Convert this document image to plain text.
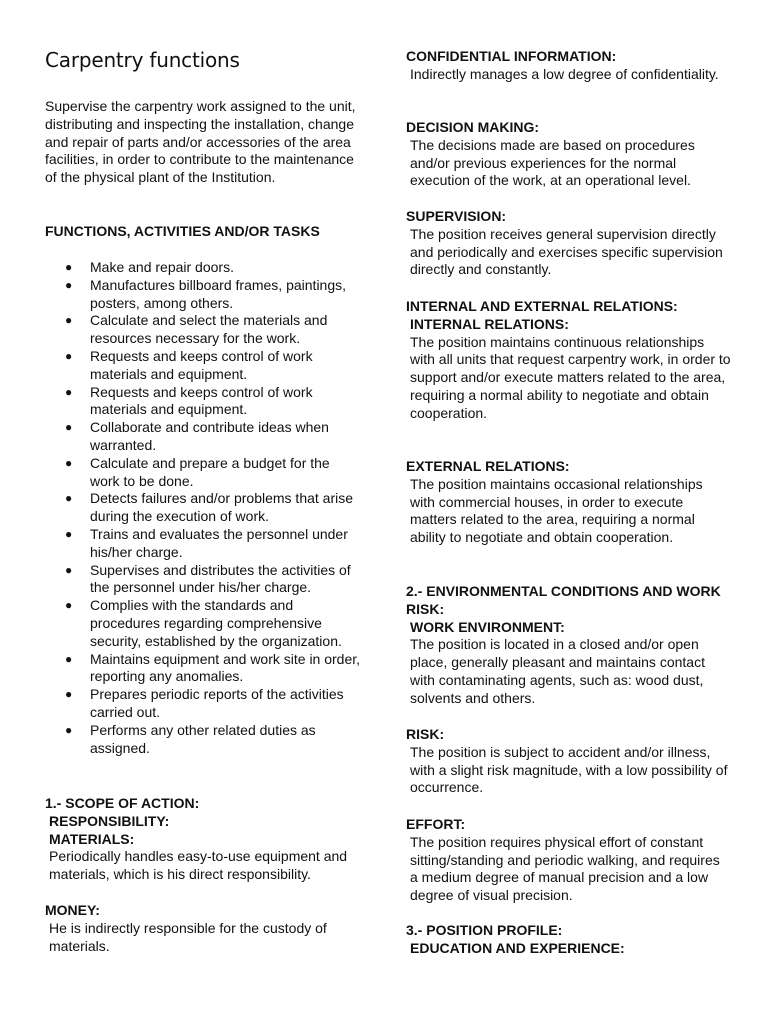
Carpentry functions

Supervise the carpentry work assigned to the unit, distributing and inspecting the installation, change and repair of parts and/or accessories of the area facilities, in order to contribute to the maintenance of the physical plant of the Institution.

FUNCTIONS, ACTIVITIES AND/OR TASKS

● Make and repair doors.
● Manufactures billboard frames, paintings, posters, among others.
● Calculate and select the materials and resources necessary for the work.
● Requests and keeps control of work materials and equipment.
● Requests and keeps control of work materials and equipment.
● Collaborate and contribute ideas when warranted.
● Calculate and prepare a budget for the work to be done.
● Detects failures and/or problems that arise during the execution of work.
● Trains and evaluates the personnel under his/her charge.
● Supervises and distributes the activities of the personnel under his/her charge.
● Complies with the standards and procedures regarding comprehensive security, established by the organization.
● Maintains equipment and work site in order, reporting any anomalies.
● Prepares periodic reports of the activities carried out.
● Performs any other related duties as assigned.

1.- SCOPE OF ACTION:

RESPONSIBILITY:

MATERIALS:

Periodically handles easy-to-use equipment and materials, which is his direct responsibility.

MONEY:

He is indirectly responsible for the custody of materials.

CONFIDENTIAL INFORMATION:

Indirectly manages a low degree of confidentiality.

DECISION MAKING:

The decisions made are based on procedures and/or previous experiences for the normal execution of the work, at an operational level.

SUPERVISION:

The position receives general supervision directly and periodically and exercises specific supervision directly and constantly.

INTERNAL AND EXTERNAL RELATIONS:

INTERNAL RELATIONS:

The position maintains continuous relationships with all units that request carpentry work, in order to support and/or execute matters related to the area, requiring a normal ability to negotiate and obtain cooperation.

EXTERNAL RELATIONS:

The position maintains occasional relationships with commercial houses, in order to execute matters related to the area, requiring a normal ability to negotiate and obtain cooperation.

2.- ENVIRONMENTAL CONDITIONS AND WORK RISK:

WORK ENVIRONMENT:

The position is located in a closed and/or open place, generally pleasant and maintains contact with contaminating agents, such as: wood dust, solvents and others.

RISK:

The position is subject to accident and/or illness, with a slight risk magnitude, with a low possibility of occurrence.

EFFORT:

The position requires physical effort of constant sitting/standing and periodic walking, and requires a medium degree of manual precision and a low degree of visual precision.

3.- POSITION PROFILE:

EDUCATION AND EXPERIENCE:
